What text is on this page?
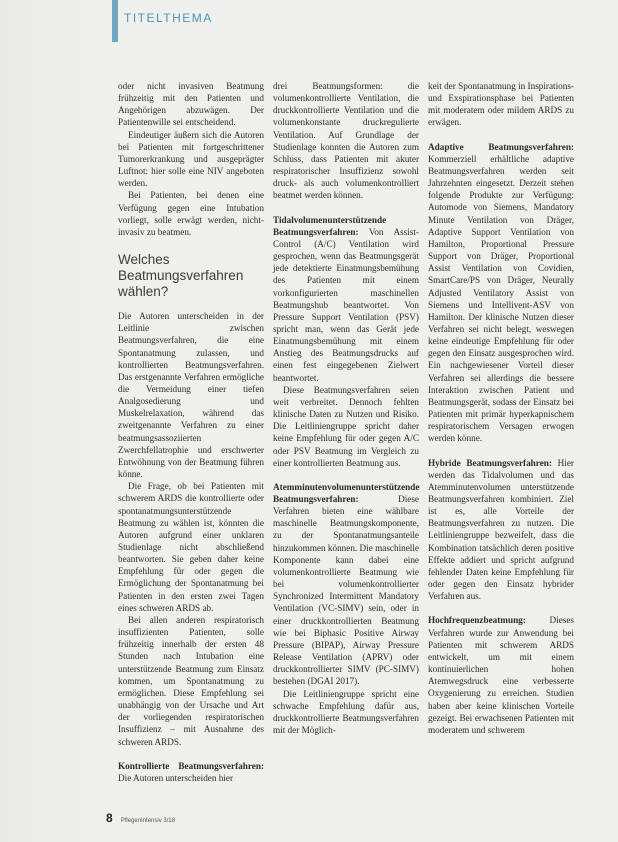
TITELTHEMA

oder nicht invasiven Beatmung frühzeitig mit den Patienten und Angehörigen abzuwägen. Der Patientenwille sei entscheidend.

Eindeutiger äußern sich die Autoren bei Patienten mit fortgeschrittener Tumorerkrankung und ausgeprägter Luftnot: hier solle eine NIV angeboten werden.

Bei Patienten, bei denen eine Verfügung gegen eine Intubation vorliegt, solle erwägt werden, nicht-invasiv zu beatmen.

Welches Beatmungsverfahren wählen?

Die Autoren unterscheiden in der Leitlinie zwischen Beatmungsverfahren, die eine Spontanatmung zulassen, und kontrollierten Beatmungsverfahren. Das erstgenannte Verfahren ermögliche die Vermeidung einer tiefen Analgosedierung und Muskelrelaxation, während das zweitgenannte Verfahren zu einer beatmungsassoziierten Zwerchfellatrophie und erschwerter Entwöhnung von der Beatmung führen könne.

Die Frage, ob bei Patienten mit schwerem ARDS die kontrollierte oder spontanatmungsunterstützende Beatmung zu wählen ist, könnten die Autoren aufgrund einer unklaren Studienlage nicht abschließend beantworten. Sie geben daher keine Empfehlung für oder gegen die Ermöglichung der Spontanatmung bei Patienten in den ersten zwei Tagen eines schweren ARDS ab.

Bei allen anderen respiratorisch insuffizienten Patienten, solle frühzeitig innerhalb der ersten 48 Stunden nach Intubation eine unterstützende Beatmung zum Einsatz kommen, um Spontanatmung zu ermöglichen. Diese Empfehlung sei unabhängig von der Ursache und Art der vorliegenden respiratorischen Insuffizienz – mit Ausnahme des schweren ARDS.

Kontrollierte Beatmungsverfahren: Die Autoren unterscheiden hier

drei Beatmungsformen: die volumenkontrollierte Ventilation, die druckkontrollierte Ventilation und die volumenkonstante druckregulierte Ventilation. Auf Grundlage der Studienlage konnten die Autoren zum Schluss, dass Patienten mit akuter respiratorischer Insuffizienz sowohl druck- als auch volumenkontrolliert beatmet werden können.

Tidalvolumenunterstützende Beatmungsverfahren: Von Assist-Control (A/C) Ventilation wird gesprochen, wenn das Beatmungsgerät jede detektierte Einatmungsbemühung des Patienten mit einem vorkonfigurierten maschinellen Beatmungshub beantwortet. Von Pressure Support Ventilation (PSV) spricht man, wenn das Gerät jede Einatmungsbemühung mit einem Anstieg des Beatmungsdrucks auf einen fest eingegebenen Zielwert beantwortet.

Diese Beatmungsverfahren seien weit verbreitet. Dennoch fehlten klinische Daten zu Nutzen und Risiko. Die Leitliniengruppe spricht daher keine Empfehlung für oder gegen A/C oder PSV Beatmung im Vergleich zu einer kontrollierten Beatmung aus.

Atemminutenvolumenunterstützende Beatmungsverfahren:	Diese Verfahren bieten eine wählbare maschinelle Beatmungskomponente, zu der Spontanatmungsanteile hinzukommen können. Die maschinelle Komponente kann dabei eine volumenkontrollierte Beatmung wie bei volumenkontrollierter Synchronized Intermittent Mandatory Ventilation (VC-SIMV) sein, oder in einer druckkontrollierten Beatmung wie bei Biphasic Positive Airway Pressure (BIPAP), Airway Pressure Release Ventilation (APRV) oder druckkontrollierter SIMV (PC-SIMV) bestehen (DGAI 2017).

Die Leitliniengruppe spricht eine schwache Empfehlung dafür aus, druckkontrollierte Beatmungsverfahren mit der Möglich-

keit der Spontanatmung in Inspirations- und Exspirationsphase bei Patienten mit moderatem oder mildem ARDS zu erwägen.

Adaptive Beatmungsverfahren: Kommerziell erhältliche adaptive Beatmungsverfahren werden seit Jahrzehnten eingesetzt. Derzeit stehen folgende Produkte zur Verfügung: Automode von Siemens, Mandatory Minute Ventilation von Dräger, Adaptive Support Ventilation von Hamilton, Proportional Pressure Support von Dräger, Proportional Assist Ventilation von Covidien, SmartCare/PS von Dräger, Neurally Adjusted Ventilatory Assist von Siemens und Intellivent-ASV von Hamilton. Der klinische Nutzen dieser Verfahren sei nicht belegt, weswegen keine eindeutige Empfehlung für oder gegen den Einsatz ausgesprochen wird. Ein nachgewiesener Vorteil dieser Verfahren sei allerdings die bessere Interaktion zwischen Patient und Beatmungsgerät, sodass der Einsatz bei Patienten mit primär hyperkapnischem respiratorischem Versagen erwogen werden könne.

Hybride Beatmungsverfahren: Hier werden das Tidalvolumen und das Atemminutenvolumen unterstützende Beatmungsverfahren kombiniert. Ziel ist es, alle Vorteile der Beatmungsverfahren zu nutzen. Die Leitliniengruppe bezweifelt, dass die Kombination tatsächlich deren positive Effekte addiert und spricht aufgrund fehlender Daten keine Empfehlung für oder gegen den Einsatz hybrider Verfahren aus.

Hochfrequenzbeatmung:	Dieses Verfahren wurde zur Anwendung bei Patienten mit schwerem ARDS entwickelt, um mit einem kontinuierlichen hohen Atemwegsdruck eine verbesserte Oxygenierung zu erreichen. Studien haben aber keine klinischen Vorteile gezeigt. Bei erwachsenen Patienten mit moderatem und schwerem

8 PflegenIntensiv 3/18
